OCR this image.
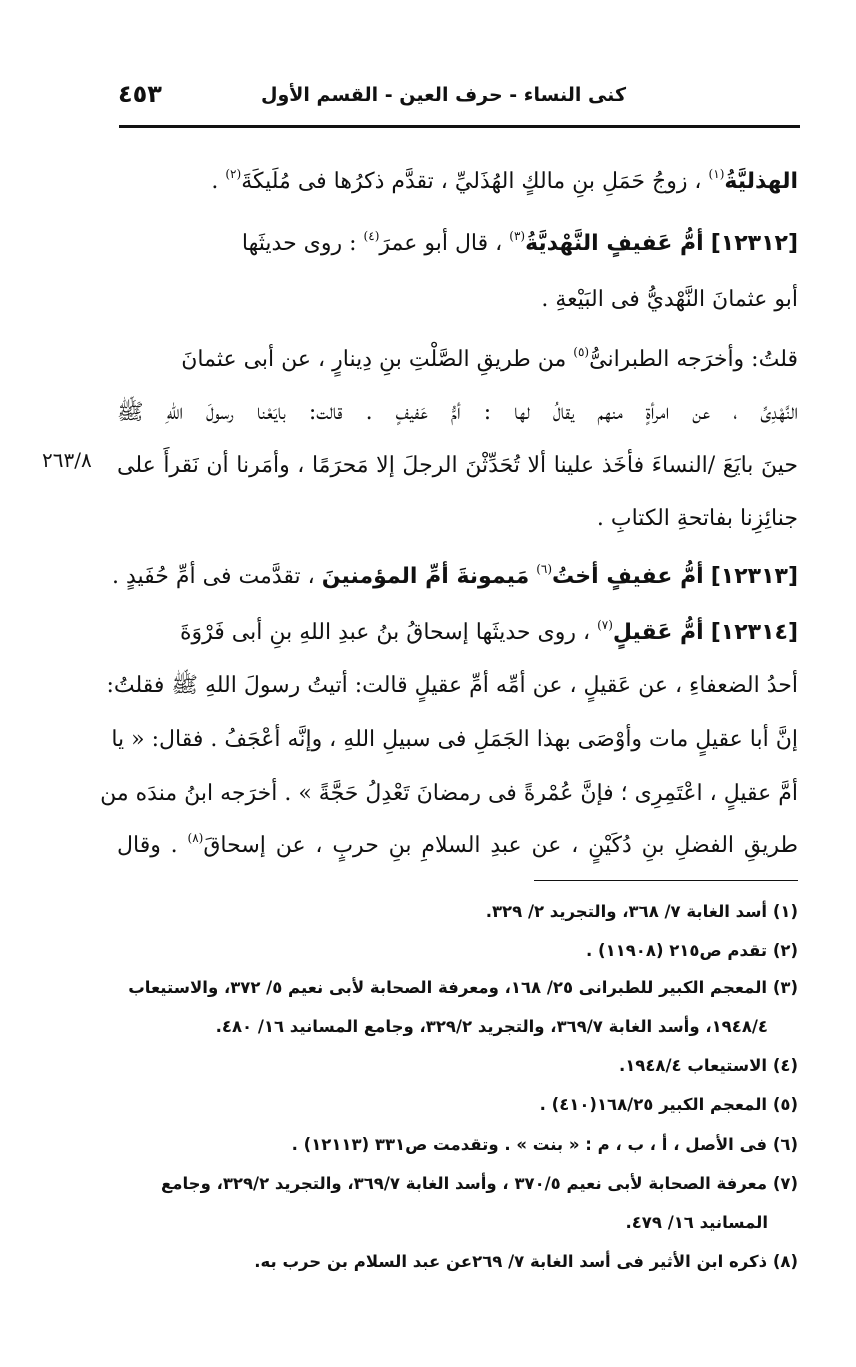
كنى النساء - حرف العين - القسم الأول
٤٥٣
الهذليَّةُ$^{(١)}$ ، زوجُ حَمَلِ بنِ مالكٍ الهُذَليِّ ، تقدَّم ذكرُها فى مُلَيكَةَ$^{(٢)}$ .
[١٢٣١٢] أمُّ عَفيفٍ النَّهْديَّةُ$^{(٣)}$ ، قال أبو عمرَ$^{(٤)}$ : روى حديثَها
أبو عثمانَ النَّهْديُّ فى البَيْعةِ .
قلتُ: وأخرَجه الطبرانىُّ$^{(٥)}$ من طريقِ الصَّلْتِ بنِ دِينارٍ ، عن أبى عثمانَ
النَّهْدِىِّ ، عن امرأةٍ منهم يقالُ لها : أمُّ عَفيفٍ . قالت: بايَعْنا رسولَ اللهِ ﷺ
حينَ بايَعَ /النساءَ فأخَذ علينا ألا تُحَدِّثْنَ الرجلَ إلا مَحرَمًا ، وأمَرنا أن نَقرأَ على
٢٦٣/٨
جنائِزِنا بفاتحةِ الكتابِ .
[١٢٣١٣] أمُّ عفيفٍ أختُ$^{(٦)}$ مَيمونةَ أمِّ المؤمنينَ ، تقدَّمت فى أمِّ حُفَيدٍ .
[١٢٣١٤] أمُّ عَقيلٍ$^{(٧)}$ ، روى حديثَها إسحاقُ بنُ عبدِ اللهِ بنِ أبى فَرْوَةَ
أحدُ الضعفاءِ ، عن عَقيلٍ ، عن أمِّه أمِّ عقيلٍ قالت: أتيتُ رسولَ اللهِ ﷺ فقلتُ:
إنَّ أبا عقيلٍ مات وأوْصَى بهذا الجَمَلِ فى سبيلِ اللهِ ، وإنَّه أعْجَفُ . فقال: « يا
أمَّ عقيلٍ ، اعْتَمِرِى ؛ فإنَّ عُمْرةً فى رمضانَ تَعْدِلُ حَجَّةً » . أخرَجه ابنُ مندَه من
طريقِ الفضلِ بنِ دُكَيْنٍ ، عن عبدِ السلامِ بنِ حربٍ ، عن إسحاقَ$^{(٨)}$ . وقال
(١) أسد الغابة ٧/ ٣٦٨، والتجريد ٢/ ٣٢٩.
(٢) تقدم ص٢١٥ (١١٩٠٨) .
(٣) المعجم الكبير للطبرانى ٢٥/ ١٦٨، ومعرفة الصحابة لأبى نعيم ٥/ ٣٧٢، والاستيعاب
١٩٤٨/٤، وأسد الغابة ٣٦٩/٧، والتجريد ٣٢٩/٢، وجامع المسانيد ١٦/ ٤٨٠.
(٤) الاستيعاب ١٩٤٨/٤.
(٥) المعجم الكبير ١٦٨/٢٥(٤١٠) .
(٦) فى الأصل ، أ ، ب ، م : « بنت » . وتقدمت ص٣٣١ (١٢١١٣) .
(٧) معرفة الصحابة لأبى نعيم ٣٧٠/٥ ، وأسد الغابة ٣٦٩/٧، والتجريد ٣٢٩/٢، وجامع
المسانيد ١٦/ ٤٧٩.
(٨) ذكره ابن الأثير فى أسد الغابة ٧/ ٢٦٩عن عبد السلام بن حرب به.
